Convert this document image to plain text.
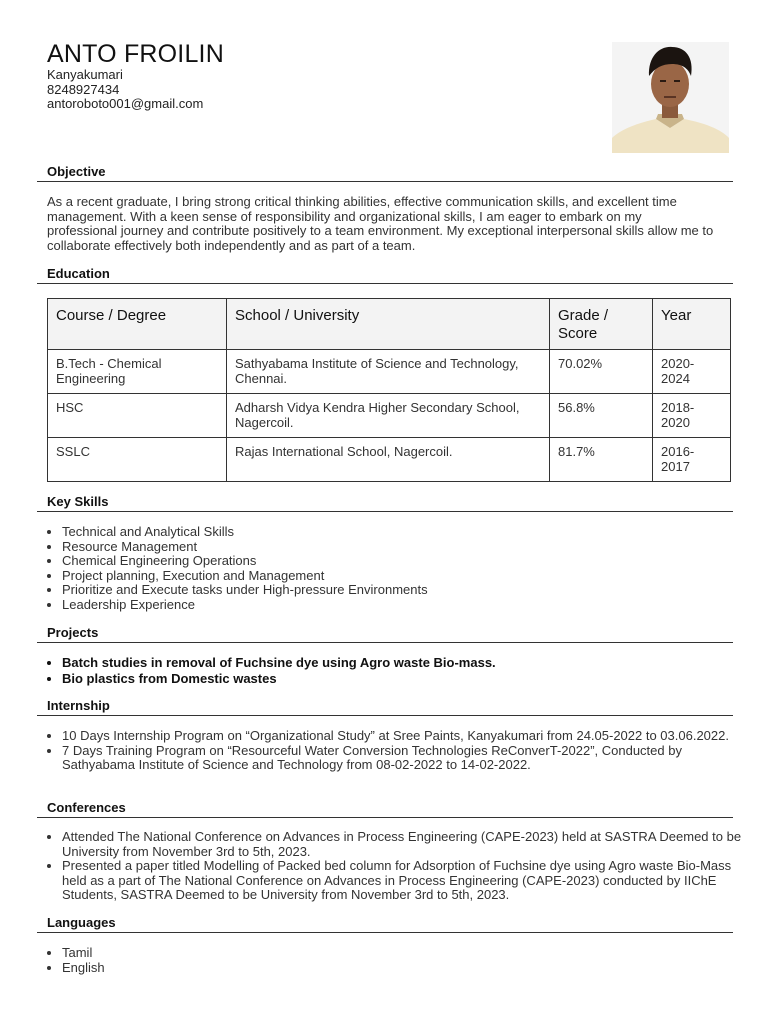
ANTO FROILIN
Kanyakumari
8248927434
antoroboto001@gmail.com
Objective

As a recent graduate, I bring strong critical thinking abilities, effective communication skills, and excellent time management. With a keen sense of responsibility and organizational skills, I am eager to embark on my professional journey and contribute positively to a team environment. My exceptional interpersonal skills allow me to collaborate effectively both independently and as part of a team.

Education
Course / Degree	School / University	Grade / Score	Year
B.Tech - Chemical Engineering	Sathyabama Institute of Science and Technology, Chennai.	70.02%	2020-2024
HSC	Adharsh Vidya Kendra Higher Secondary School, Nagercoil.	56.8%	2018-2020
SSLC	Rajas International School, Nagercoil.	81.7%	2016-2017
Key Skills
• Technical and Analytical Skills
• Resource Management
• Chemical Engineering Operations
• Project planning, Execution and Management
• Prioritize and Execute tasks under High-pressure Environments
• Leadership Experience
Projects
• Batch studies in removal of Fuchsine dye using Agro waste Bio-mass.
• Bio plastics from Domestic wastes
Internship
• 10 Days Internship Program on “Organizational Study” at Sree Paints, Kanyakumari from 24.05-2022 to 03.06.2022.
• 7 Days Training Program on “Resourceful Water Conversion Technologies ReConverT-2022”, Conducted by Sathyabama Institute of Science and Technology from 08-02-2022 to 14-02-2022.
Conferences
• Attended The National Conference on Advances in Process Engineering (CAPE-2023) held at SASTRA Deemed to be University from November 3rd to 5th, 2023.
• Presented a paper titled Modelling of Packed bed column for Adsorption of Fuchsine dye using Agro waste Bio-Mass held as a part of The National Conference on Advances in Process Engineering (CAPE-2023) conducted by IIChE Students, SASTRA Deemed to be University from November 3rd to 5th, 2023.
Languages
• Tamil
• English
